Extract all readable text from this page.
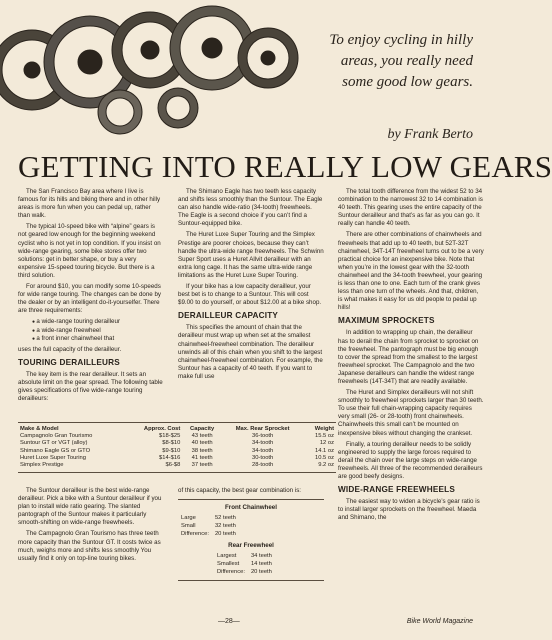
To enjoy cycling in hilly
areas, you really need
some good low gears.
by Frank Berto
GETTING INTO REALLY LOW GEARS

The San Francisco Bay area where I live is famous for its hills and biking there and in other hilly areas is more fun when you can pedal up, rather than walk.

The typical 10-speed bike with “alpine” gears is not geared low enough for the beginning weekend cyclist who is not yet in top condition. If you insist on wide-range gearing, some bike stores offer two solutions: get in better shape, or buy a very expensive 15-speed touring bicycle. But there is a third solution.

For around $10, you can modify some 10-speeds for wide range touring. The changes can be done by the dealer or by an intelligent do-it-yourselfer. There are three requirements:

● a wide-range touring derailleur
● a wide-range freewheel
● a front inner chainwheel that

uses the full capacity of the derailleur.

TOURING DERAILLEURS

The key item is the rear derailleur. It sets an absolute limit on the gear spread. The following table gives specifications of five wide-range touring derailleurs:

The Shimano Eagle has two teeth less capacity and shifts less smoothly than the Suntour. The Eagle can also handle wide-ratio (34-tooth) freewheels. The Eagle is a second choice if you can’t find a Suntour-equipped bike.

The Huret Luxe Super Touring and the Simplex Prestige are poorer choices, because they can’t handle the ultra-wide range freewheels. The Schwinn Super Sport uses a Huret Allvit derailleur with an extra long cage. It has the same ultra-wide range limitations as the Huret Luxe Super Touring.

If your bike has a low capacity derailleur, your best bet is to change to a Suntour. This will cost $9.00 to do yourself, or about $12.00 at a bike shop.

DERAILLEUR CAPACITY

This specifies the amount of chain that the derailleur must wrap up when set at the smallest chainwheel-freewheel combination. The derailleur unwinds all of this chain when you shift to the largest chainwheel-freewheel combination. For example, the Suntour has a capacity of 40 teeth. If you want to make full use

The total tooth difference from the widest 52 to 34 combination to the narrowest 32 to 14 combination is 40 teeth. This gearing uses the entire capacity of the Suntour derailleur and that’s as far as you can go. It really can handle 40 teeth.

There are other combinations of chainwheels and freewheels that add up to 40 teeth, but 52T-32T chainwheel, 34T-14T freewheel turns out to be a very practical choice for an inexpensive bike. Note that when you’re in the lowest gear with the 32-tooth chainwheel and the 34-tooth freewheel, your gearing is less than one to one. Each turn of the crank gives less than one turn of the wheels. And that, children, is what makes it easy for us old people to pedal up hills!

MAXIMUM SPROCKETS

In addition to wrapping up chain, the derailleur has to derail the chain from sprocket to sprocket on the freewheel. The pantograph must be big enough to cover the spread from the smallest to the largest freewheel sprocket. The Campagnolo and the two Japanese derailleurs can handle the widest range freewheels (14T-34T) that are readily available.

The Huret and Simplex derailleurs will not shift smoothly to freewheel sprockets larger than 30 teeth. To use their full chain-wrapping capacity requires very small (26- or 28-tooth) front chainwheels. Chainwheels this small can’t be mounted on inexpensive bikes without changing the crankset.

Finally, a touring derailleur needs to be solidly engineered to supply the large forces required to derail the chain over the large steps on wide-range freewheels. All three of the recommended derailleurs are good beefy designs.

WIDE-RANGE FREEWHEELS

The easiest way to widen a bicycle’s gear ratio is to install larger sprockets on the freewheel. Maeda and Shimano, the

Make & Model	Approx. Cost	Capacity	Max. Rear Sprocket	Weight
Campagnolo Gran Tourismo	$18-$25	43 teeth	36-tooth	15.5 oz
Suntour GT or VGT (alloy)	$8-$10	40 teeth	34-tooth	12 oz
Shimano Eagle GS or GTO	$9-$10	38 teeth	34-tooth	14.1 oz
Huret Luxe Super Touring	$14-$16	41 teeth	30-tooth	10.5 oz
Simplex Prestige	$6-$8	37 teeth	28-tooth	9.2 oz

The Suntour derailleur is the best wide-range derailleur. Pick a bike with a Suntour derailleur if you plan to install wide ratio gearing. The slanted pantograph of the Suntour makes it particularly smooth-shifting on wide-range freewheels.

The Campagnolo Gran Tourismo has three teeth more capacity than the Suntour GT. It costs twice as much, weighs more and shifts less smoothly You usually find it only on top-line touring bikes.

of this capacity, the best gear combination is:

Front Chainwheel
Large	52 teeth
Small	32 teeth
Difference:	20 teeth
Rear Freewheel
Largest	34 teeth
Smallest	14 teeth
Difference:	20 teeth
—28—	Bike World Magazine
